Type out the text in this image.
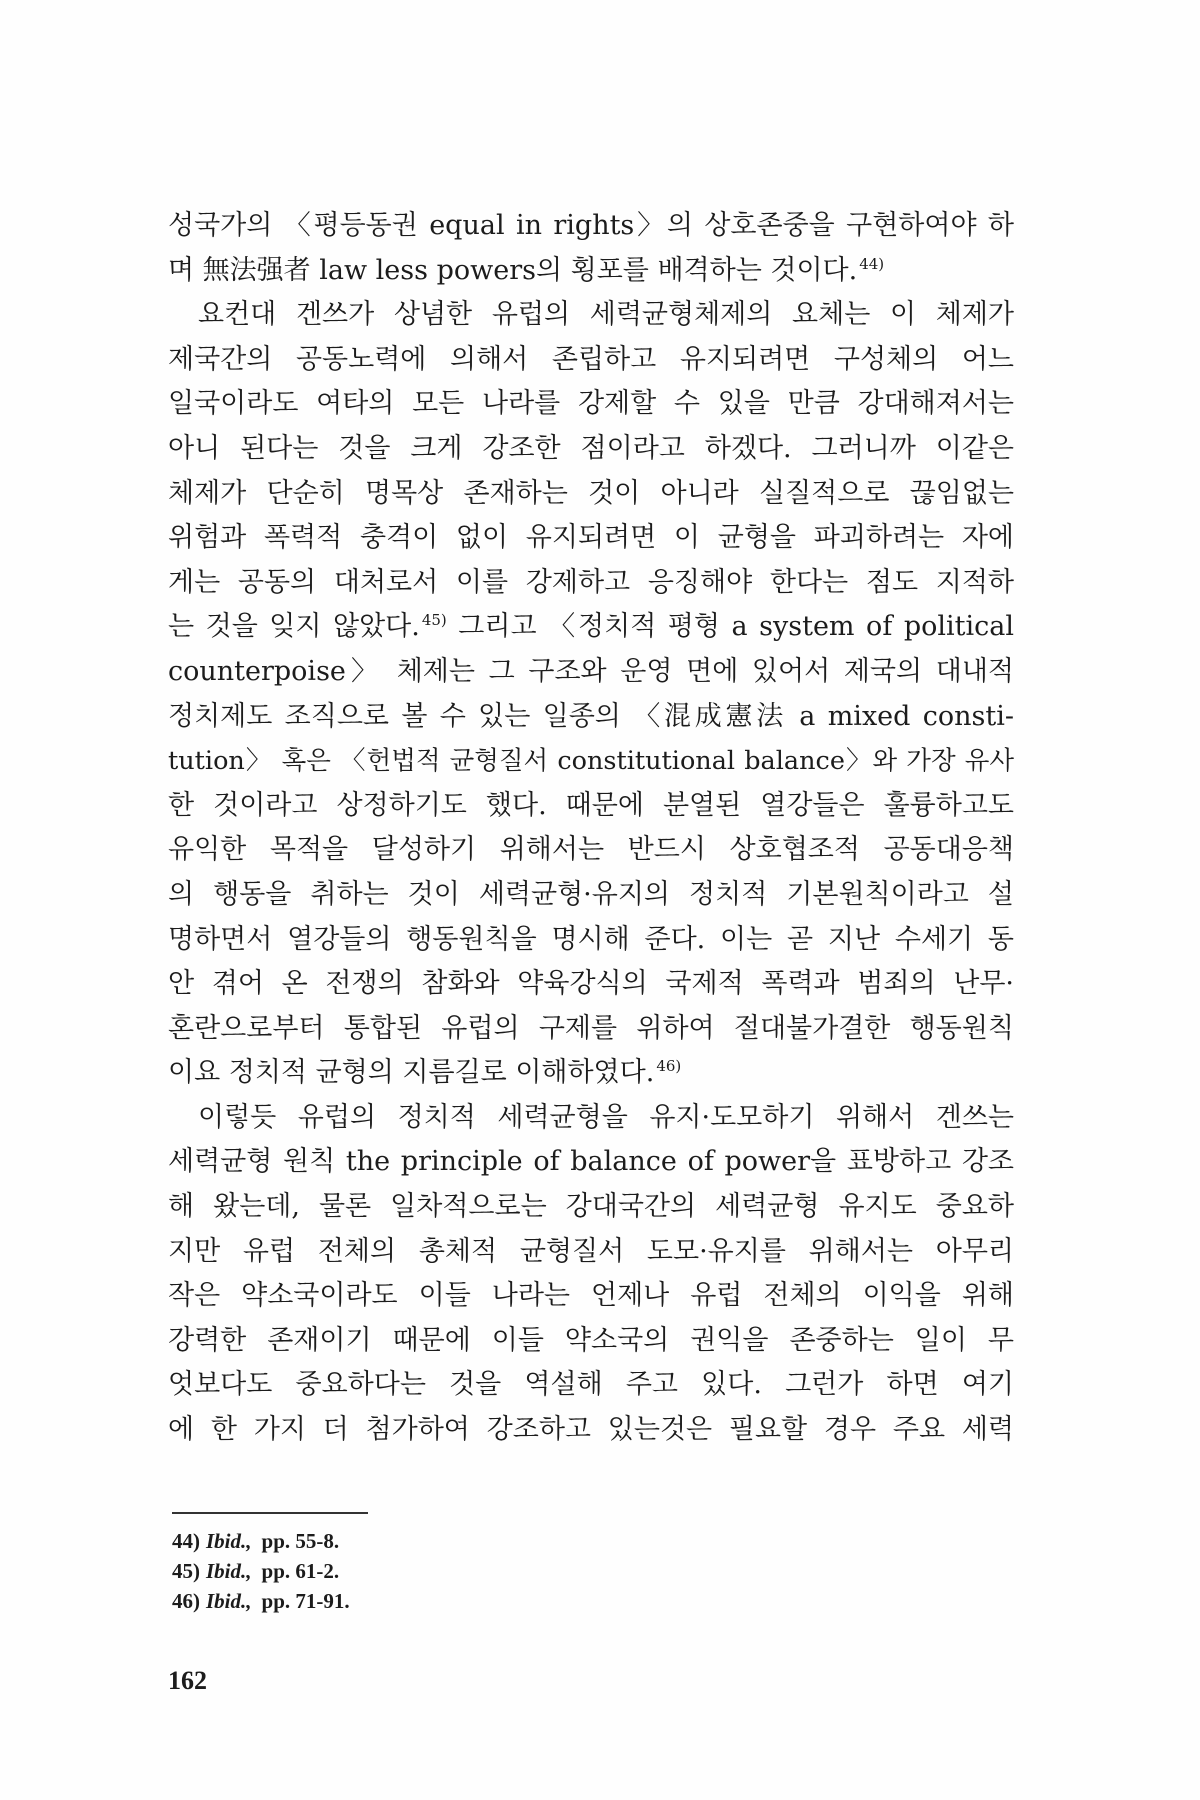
성국가의 〈평등동권 equal in rights〉의 상호존중을 구현하여야 하
며 無法强者 law less powers의 횡포를 배격하는 것이다. $^{44)}$
요컨대 겐쓰가 상념한 유럽의 세력균형체제의 요체는 이 체제가
제국간의 공동노력에 의해서 존립하고 유지되려면 구성체의 어느
일국이라도 여타의 모든 나라를 강제할 수 있을 만큼 강대해져서는
아니 된다는 것을 크게 강조한 점이라고 하겠다. 그러니까 이같은
체제가 단순히 명목상 존재하는 것이 아니라 실질적으로 끊임없는
위험과 폭력적 충격이 없이 유지되려면 이 균형을 파괴하려는 자에
게는 공동의 대처로서 이를 강제하고 응징해야 한다는 점도 지적하
는 것을 잊지 않았다. $^{45)}$ 그리고 〈정치적 평형 a system of political
counterpoise〉 체제는 그 구조와 운영 면에 있어서 제국의 대내적
정치제도 조직으로 볼 수 있는 일종의 〈混成憲法 a mixed consti-
tution〉 혹은 〈헌법적 균형질서 constitutional balance〉와 가장 유사
한 것이라고 상정하기도 했다. 때문에 분열된 열강들은 훌륭하고도
유익한 목적을 달성하기 위해서는 반드시 상호협조적 공동대응책
의 행동을 취하는 것이 세력균형·유지의 정치적 기본원칙이라고 설
명하면서 열강들의 행동원칙을 명시해 준다. 이는 곧 지난 수세기 동
안 겪어 온 전쟁의 참화와 약육강식의 국제적 폭력과 범죄의 난무·
혼란으로부터 통합된 유럽의 구제를 위하여 절대불가결한 행동원칙
이요 정치적 균형의 지름길로 이해하였다. $^{46)}$
이렇듯 유럽의 정치적 세력균형을 유지·도모하기 위해서 겐쓰는
세력균형 원칙 the principle of balance of power을 표방하고 강조
해 왔는데, 물론 일차적으로는 강대국간의 세력균형 유지도 중요하
지만 유럽 전체의 총체적 균형질서 도모·유지를 위해서는 아무리
작은 약소국이라도 이들 나라는 언제나 유럽 전체의 이익을 위해
강력한 존재이기 때문에 이들 약소국의 권익을 존중하는 일이 무
엇보다도 중요하다는 것을 역설해 주고 있다. 그런가 하면 여기
에 한 가지 더 첨가하여 강조하고 있는것은 필요할 경우 주요 세력
44) Ibid., pp. 55-8.
45) Ibid., pp. 61-2.
46) Ibid., pp. 71-91.
162
